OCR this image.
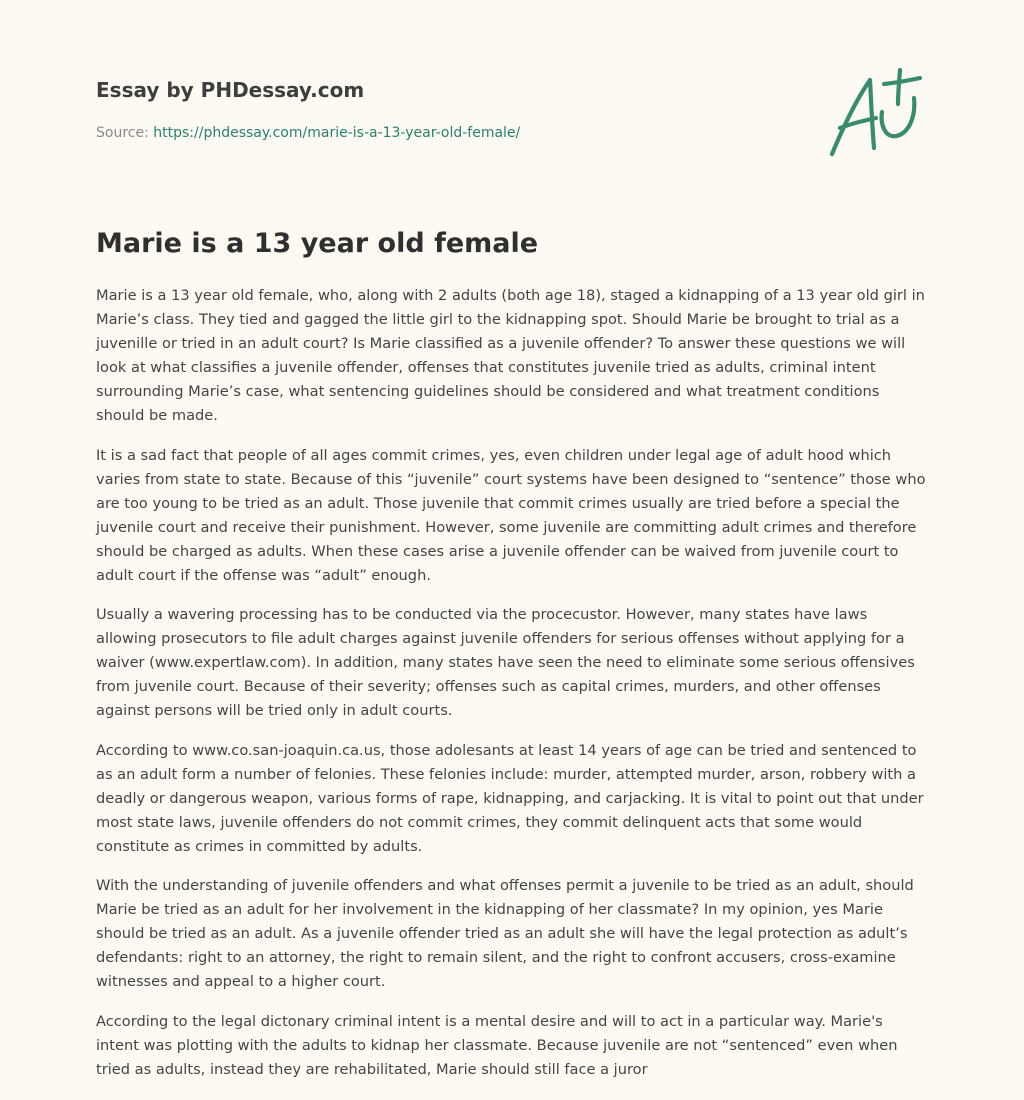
Essay by PHDessay.com
Source: https://phdessay.com/marie-is-a-13-year-old-female/
Marie is a 13 year old female

Marie is a 13 year old female, who, along with 2 adults (both age 18), staged a kidnapping of a 13 year old girl in Marie’s class. They tied and gagged the little girl to the kidnapping spot. Should Marie be brought to trial as a juvenille or tried in an adult court? Is Marie classified as a juvenile offender? To answer these questions we will look at what classifies a juvenile offender, offenses that constitutes juvenile tried as adults, criminal intent surrounding Marie’s case, what sentencing guidelines should be considered and what treatment conditions should be made.

It is a sad fact that people of all ages commit crimes, yes, even children under legal age of adult hood which varies from state to state. Because of this “juvenile” court systems have been designed to “sentence” those who are too young to be tried as an adult. Those juvenile that commit crimes usually are tried before a special the juvenile court and receive their punishment. However, some juvenile are committing adult crimes and therefore should be charged as adults. When these cases arise a juvenile offender can be waived from juvenile court to adult court if the offense was “adult” enough.

Usually a wavering processing has to be conducted via the procecustor. However, many states have laws allowing prosecutors to file adult charges against juvenile offenders for serious offenses without applying for a waiver (www.expertlaw.com). In addition, many states have seen the need to eliminate some serious offensives from juvenile court. Because of their severity; offenses such as capital crimes, murders, and other offenses against persons will be tried only in adult courts.

According to www.co.san-joaquin.ca.us, those adolesants at least 14 years of age can be tried and sentenced to as an adult form a number of felonies. These felonies include: murder, attempted murder, arson, robbery with a deadly or dangerous weapon, various forms of rape, kidnapping, and carjacking. It is vital to point out that under most state laws, juvenile offenders do not commit crimes, they commit delinquent acts that some would constitute as crimes in committed by adults.

With the understanding of juvenile offenders and what offenses permit a juvenile to be tried as an adult, should Marie be tried as an adult for her involvement in the kidnapping of her classmate? In my opinion, yes Marie should be tried as an adult. As a juvenile offender tried as an adult she will have the legal protection as adult’s defendants: right to an attorney, the right to remain silent, and the right to confront accusers, cross-examine witnesses and appeal to a higher court.

According to the legal dictonary criminal intent is a mental desire and will to act in a particular way. Marie's intent was plotting with the adults to kidnap her classmate. Because juvenile are not “sentenced” even when tried as adults, instead they are rehabilitated, Marie should still face a juror
